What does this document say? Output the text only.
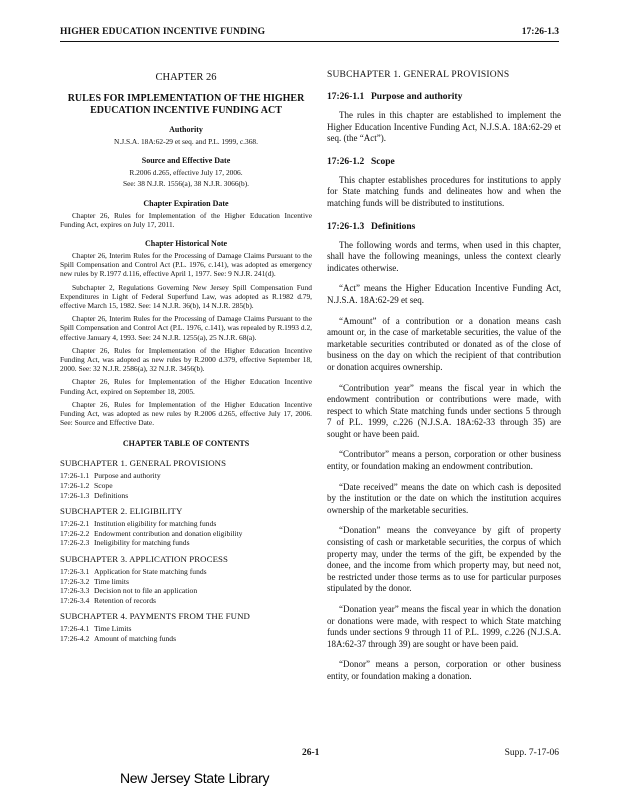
HIGHER EDUCATION INCENTIVE FUNDING	17:26-1.3
CHAPTER 26
RULES FOR IMPLEMENTATION OF THE HIGHER EDUCATION INCENTIVE FUNDING ACT
Authority
N.J.S.A. 18A:62-29 et seq. and P.L. 1999, c.368.
Source and Effective Date
R.2006 d.265, effective July 17, 2006.
See: 38 N.J.R. 1556(a), 38 N.J.R. 3066(b).
Chapter Expiration Date

Chapter 26, Rules for Implementation of the Higher Education Incentive Funding Act, expires on July 17, 2011.

Chapter Historical Note

Chapter 26, Interim Rules for the Processing of Damage Claims Pursuant to the Spill Compensation and Control Act (P.L. 1976, c.141), was adopted as emergency new rules by R.1977 d.116, effective April 1, 1977. See: 9 N.J.R. 241(d).

Subchapter 2, Regulations Governing New Jersey Spill Compensation Fund Expenditures in Light of Federal Superfund Law, was adopted as R.1982 d.79, effective March 15, 1982. See: 14 N.J.R. 36(b), 14 N.J.R. 285(b).

Chapter 26, Interim Rules for the Processing of Damage Claims Pursuant to the Spill Compensation and Control Act (P.L. 1976, c.141), was repealed by R.1993 d.2, effective January 4, 1993. See: 24 N.J.R. 1255(a), 25 N.J.R. 68(a).

Chapter 26, Rules for Implementation of the Higher Education Incentive Funding Act, was adopted as new rules by R.2000 d.379, effective September 18, 2000. See: 32 N.J.R. 2586(a), 32 N.J.R. 3456(b).

Chapter 26, Rules for Implementation of the Higher Education Incentive Funding Act, expired on September 18, 2005.

Chapter 26, Rules for Implementation of the Higher Education Incentive Funding Act, was adopted as new rules by R.2006 d.265, effective July 17, 2006. See: Source and Effective Date.

CHAPTER TABLE OF CONTENTS
SUBCHAPTER 1. GENERAL PROVISIONS
17:26-1.1 Purpose and authority
17:26-1.2 Scope
17:26-1.3 Definitions
SUBCHAPTER 2. ELIGIBILITY
17:26-2.1 Institution eligibility for matching funds
17:26-2.2 Endowment contribution and donation eligibility
17:26-2.3 Ineligibility for matching funds
SUBCHAPTER 3. APPLICATION PROCESS
17:26-3.1 Application for State matching funds
17:26-3.2 Time limits
17:26-3.3 Decision not to file an application
17:26-3.4 Retention of records
SUBCHAPTER 4. PAYMENTS FROM THE FUND
17:26-4.1 Time Limits
17:26-4.2 Amount of matching funds
SUBCHAPTER 1. GENERAL PROVISIONS
17:26-1.1 Purpose and authority

The rules in this chapter are established to implement the Higher Education Incentive Funding Act, N.J.S.A. 18A:62-29 et seq. (the “Act”).

17:26-1.2 Scope

This chapter establishes procedures for institutions to apply for State matching funds and delineates how and when the matching funds will be distributed to institutions.

17:26-1.3 Definitions

The following words and terms, when used in this chapter, shall have the following meanings, unless the context clearly indicates otherwise.

“Act” means the Higher Education Incentive Funding Act, N.J.S.A. 18A:62-29 et seq.

“Amount” of a contribution or a donation means cash amount or, in the case of marketable securities, the value of the marketable securities contributed or donated as of the close of business on the day on which the recipient of that contribution or donation acquires ownership.

“Contribution year” means the fiscal year in which the endowment contribution or contributions were made, with respect to which State matching funds under sections 5 through 7 of P.L. 1999, c.226 (N.J.S.A. 18A:62-33 through 35) are sought or have been paid.

“Contributor” means a person, corporation or other business entity, or foundation making an endowment contribution.

“Date received” means the date on which cash is deposited by the institution or the date on which the institution acquires ownership of the marketable securities.

“Donation” means the conveyance by gift of property consisting of cash or marketable securities, the corpus of which property may, under the terms of the gift, be expended by the donee, and the income from which property may, but need not, be restricted under those terms as to use for particular purposes stipulated by the donor.

“Donation year” means the fiscal year in which the donation or donations were made, with respect to which State matching funds under sections 9 through 11 of P.L. 1999, c.226 (N.J.S.A. 18A:62-37 through 39) are sought or have been paid.

“Donor” means a person, corporation or other business entity, or foundation making a donation.

26-1	Supp. 7-17-06
New Jersey State Library
